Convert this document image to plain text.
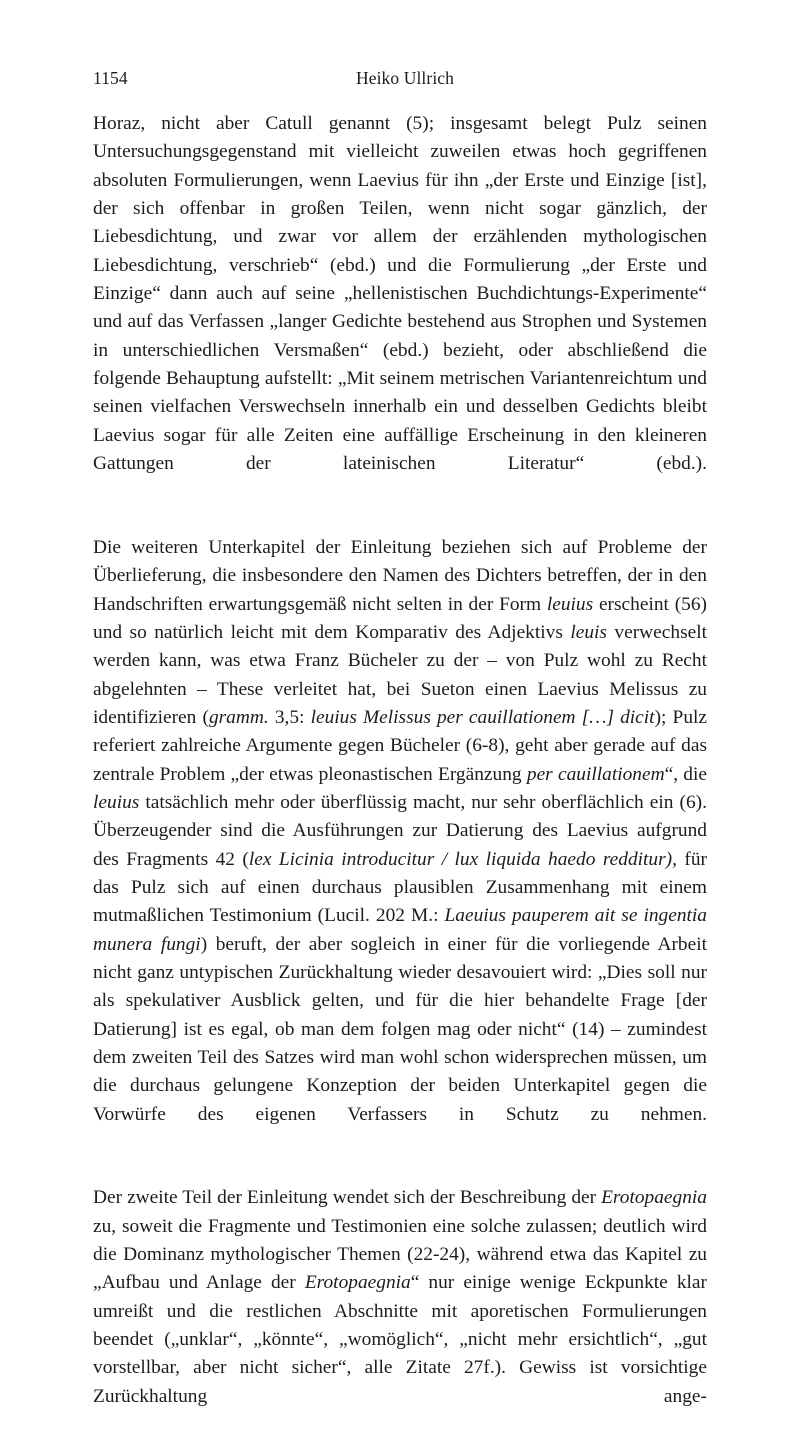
1154	Heiko Ullrich

Horaz, nicht aber Catull genannt (5); insgesamt belegt Pulz seinen Untersuchungsgegenstand mit vielleicht zuweilen etwas hoch gegriffenen absoluten Formulierungen, wenn Laevius für ihn „der Erste und Einzige [ist], der sich offenbar in großen Teilen, wenn nicht sogar gänzlich, der Liebesdichtung, und zwar vor allem der erzählenden mythologischen Liebesdichtung, verschrieb“ (ebd.) und die Formulierung „der Erste und Einzige“ dann auch auf seine „hellenistischen Buchdichtungs-Experimente“ und auf das Verfassen „langer Gedichte bestehend aus Strophen und Systemen in unterschiedlichen Versmaßen“ (ebd.) bezieht, oder abschließend die folgende Behauptung aufstellt: „Mit seinem metrischen Variantenreichtum und seinen vielfachen Verswechseln innerhalb ein und desselben Gedichts bleibt Laevius sogar für alle Zeiten eine auffällige Erscheinung in den kleineren Gattungen der lateinischen Literatur“ (ebd.).

Die weiteren Unterkapitel der Einleitung beziehen sich auf Probleme der Überlieferung, die insbesondere den Namen des Dichters betreffen, der in den Handschriften erwartungsgemäß nicht selten in der Form leuius erscheint (56) und so natürlich leicht mit dem Komparativ des Adjektivs leuis verwechselt werden kann, was etwa Franz Bücheler zu der – von Pulz wohl zu Recht abgelehnten – These verleitet hat, bei Sueton einen Laevius Melissus zu identifizieren (gramm. 3,5: leuius Melissus per cauillationem […] dicit); Pulz referiert zahlreiche Argumente gegen Bücheler (6-8), geht aber gerade auf das zentrale Problem „der etwas pleonastischen Ergänzung per cauillationem“, die leuius tatsächlich mehr oder überflüssig macht, nur sehr oberflächlich ein (6). Überzeugender sind die Ausführungen zur Datierung des Laevius aufgrund des Fragments 42 (lex Licinia introducitur / lux liquida haedo redditur), für das Pulz sich auf einen durchaus plausiblen Zusammenhang mit einem mutmaßlichen Testimonium (Lucil. 202 M.: Laeuius pauperem ait se ingentia munera fungi) beruft, der aber sogleich in einer für die vorliegende Arbeit nicht ganz untypischen Zurückhaltung wieder desavouiert wird: „Dies soll nur als spekulativer Ausblick gelten, und für die hier behandelte Frage [der Datierung] ist es egal, ob man dem folgen mag oder nicht“ (14) – zumindest dem zweiten Teil des Satzes wird man wohl schon widersprechen müssen, um die durchaus gelungene Konzeption der beiden Unterkapitel gegen die Vorwürfe des eigenen Verfassers in Schutz zu nehmen.

Der zweite Teil der Einleitung wendet sich der Beschreibung der Erotopaegnia zu, soweit die Fragmente und Testimonien eine solche zulassen; deutlich wird die Dominanz mythologischer Themen (22-24), während etwa das Kapitel zu „Aufbau und Anlage der Erotopaegnia“ nur einige wenige Eckpunkte klar umreißt und die restlichen Abschnitte mit aporetischen Formulierungen beendet („unklar“, „könnte“, „womöglich“, „nicht mehr ersichtlich“, „gut vorstellbar, aber nicht sicher“, alle Zitate 27f.). Gewiss ist vorsichtige Zurückhaltung ange-
